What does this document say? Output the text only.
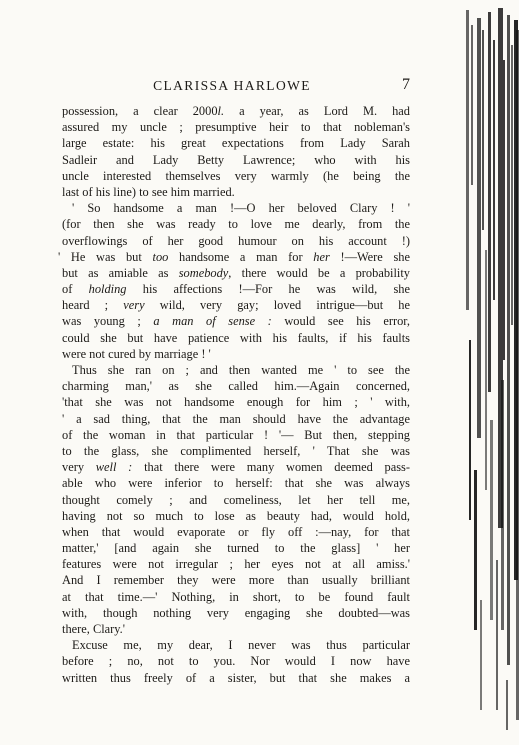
CLARISSA HARLOWE	7
possession, a clear 2000l. a year, as Lord M. had
assured my uncle ; presumptive heir to that nobleman's
large estate: his great expectations from Lady Sarah
Sadleir and Lady Betty Lawrence; who with his
uncle interested themselves very warmly (he being the
last of his line) to see him married.
' So handsome a man !—O her beloved Clary ! '
(for then she was ready to love me dearly, from the
overflowings of her good humour on his account !)
' He was but too handsome a man for her !—Were she
but as amiable as somebody, there would be a probability
of holding his affections !—For he was wild, she
heard ; very wild, very gay; loved intrigue—but he
was young ; a man of sense : would see his error,
could she but have patience with his faults, if his faults
were not cured by marriage ! '
Thus she ran on ; and then wanted me ' to see the
charming man,' as she called him.—Again concerned,
'that she was not handsome enough for him ; ' with,
' a sad thing, that the man should have the advantage
of the woman in that particular ! '— But then, stepping
to the glass, she complimented herself, ' That she was
very well : that there were many women deemed pass-
able who were inferior to herself: that she was always
thought comely ; and comeliness, let her tell me,
having not so much to lose as beauty had, would hold,
when that would evaporate or fly off :—nay, for that
matter,' [and again she turned to the glass] ' her
features were not irregular ; her eyes not at all amiss.'
And I remember they were more than usually brilliant
at that time.—' Nothing, in short, to be found fault
with, though nothing very engaging she doubted—was
there, Clary.'
Excuse me, my dear, I never was thus particular
before ; no, not to you. Nor would I now have
written thus freely of a sister, but that she makes a
